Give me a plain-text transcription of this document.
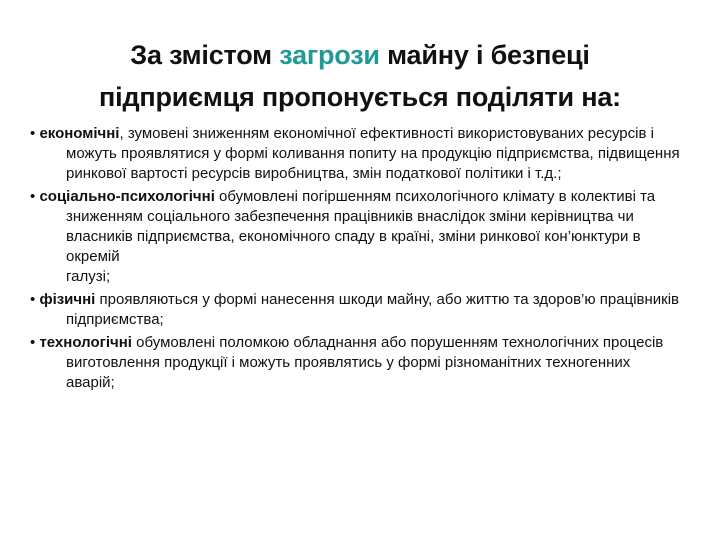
За змістом загрози майну і безпеці
підприємця пропонується поділяти на:
• економічні, зумовені зниженням економічної ефективності використовуваних ресурсів і можуть проявлятися у формі коливання попиту на продукцію підприємства, підвищення ринкової вартості ресурсів виробництва, змін податкової політики і т.д.;
• соціально-психологічні обумовлені погіршенням психологічного клімату в колективі та зниженням соціального забезпечення працівників внаслідок зміни керівництва чи власників підприємства, економічного спаду в країні, зміни ринкової кон’юнктури в окремій
галузі;
• фізичні проявляються у формі нанесення шкоди майну, або життю та здоров’ю працівників підприємства;
• технологічні обумовлені поломкою обладнання або порушенням технологічних процесів виготовлення продукції і можуть проявлятись у формі різноманітних техногенних аварій;
